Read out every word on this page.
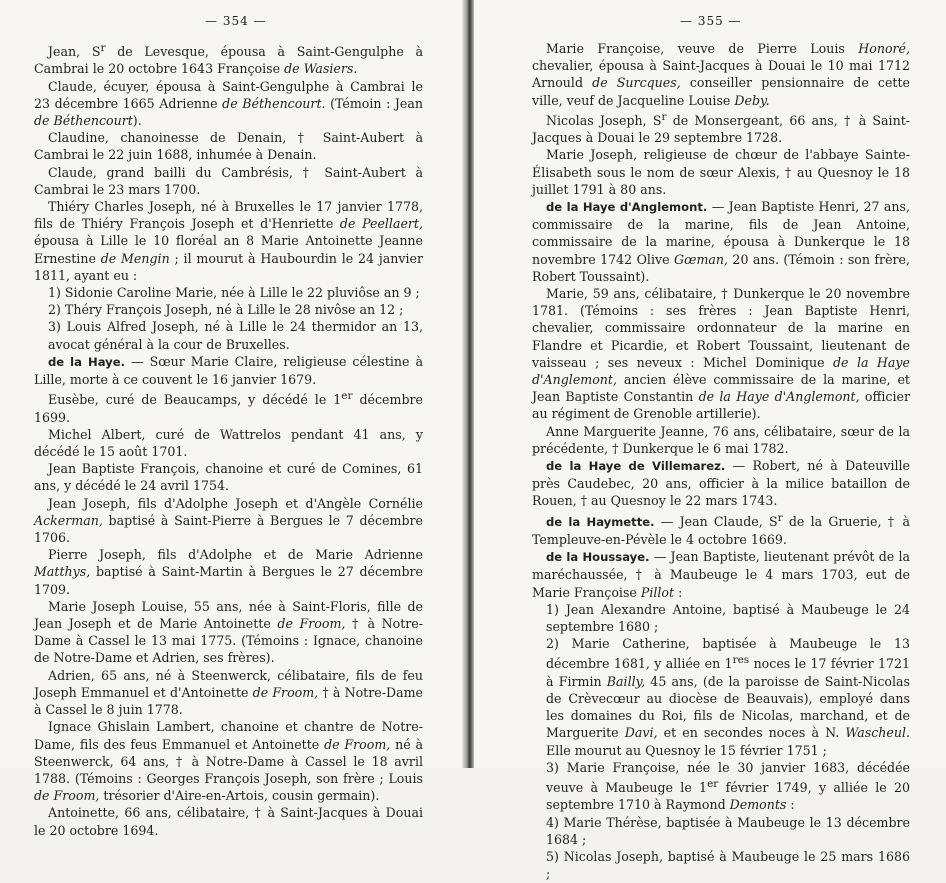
— 354 —

Jean, $S^r$ de Levesque, épousa à Saint-Gengulphe à Cambrai le 20 octobre 1643 Françoise de Wasiers.

Claude, écuyer, épousa à Saint-Gengulphe à Cambrai le 23 décembre 1665 Adrienne de Béthencourt. (Témoin : Jean de Béthencourt).

Claudine, chanoinesse de Denain, † Saint-Aubert à Cambrai le 22 juin 1688, inhumée à Denain.

Claude, grand bailli du Cambrésis, † Saint-Aubert à Cambrai le 23 mars 1700.

Thiéry Charles Joseph, né à Bruxelles le 17 janvier 1778, fils de Thiéry François Joseph et d'Henriette de Peellaert, épousa à Lille le 10 floréal an 8 Marie Antoinette Jeanne Ernestine de Mengin ; il mourut à Haubourdin le 24 janvier 1811, ayant eu :

1) Sidonie Caroline Marie, née à Lille le 22 pluviôse an 9 ;

2) Théry François Joseph, né à Lille le 28 nivôse an 12 ;

3) Louis Alfred Joseph, né à Lille le 24 thermidor an 13, avocat général à la cour de Bruxelles.

de la Haye. — Sœur Marie Claire, religieuse célestine à Lille, morte à ce couvent le 16 janvier 1679.

Eusèbe, curé de Beaucamps, y décédé le 1er décembre 1699.

Michel Albert, curé de Wattrelos pendant 41 ans, y décédé le 15 août 1701.

Jean Baptiste François, chanoine et curé de Comines, 61 ans, y décédé le 24 avril 1754.

Jean Joseph, fils d'Adolphe Joseph et d'Angèle Cornélie Ackerman, baptisé à Saint-Pierre à Bergues le 7 décembre 1706.

Pierre Joseph, fils d'Adolphe et de Marie Adrienne Matthys, baptisé à Saint-Martin à Bergues le 27 décembre 1709.

Marie Joseph Louise, 55 ans, née à Saint-Floris, fille de Jean Joseph et de Marie Antoinette de Froom, † à Notre-Dame à Cassel le 13 mai 1775. (Témoins : Ignace, chanoine de Notre-Dame et Adrien, ses frères).

Adrien, 65 ans, né à Steenwerck, célibataire, fils de feu Joseph Emmanuel et d'Antoinette de Froom, † à Notre-Dame à Cassel le 8 juin 1778.

Ignace Ghislain Lambert, chanoine et chantre de Notre-Dame, fils des feus Emmanuel et Antoinette de Froom, né à Steenwerck, 64 ans, † à Notre-Dame à Cassel le 18 avril 1788. (Témoins : Georges François Joseph, son frère ; Louis de Froom, trésorier d'Aire-en-Artois, cousin germain).

Antoinette, 66 ans, célibataire, † à Saint-Jacques à Douai le 20 octobre 1694.

— 355 —

Marie Françoise, veuve de Pierre Louis Honoré, chevalier, épousa à Saint-Jacques à Douai le 10 mai 1712 Arnould de Surcques, conseiller pensionnaire de cette ville, veuf de Jacqueline Louise Deby.

Nicolas Joseph, $S^r$ de Monsergeant, 66 ans, † à Saint-Jacques à Douai le 29 septembre 1728.

Marie Joseph, religieuse de chœur de l'abbaye Sainte-Élisabeth sous le nom de sœur Alexis, † au Quesnoy le 18 juillet 1791 à 80 ans.

de la Haye d'Anglemont. — Jean Baptiste Henri, 27 ans, commissaire de la marine, fils de Jean Antoine, commissaire de la marine, épousa à Dunkerque le 18 novembre 1742 Olive Gœman, 20 ans. (Témoin : son frère, Robert Toussaint).

Marie, 59 ans, célibataire, † Dunkerque le 20 novembre 1781. (Témoins : ses frères : Jean Baptiste Henri, chevalier, commissaire ordonnateur de la marine en Flandre et Picardie, et Robert Toussaint, lieutenant de vaisseau ; ses neveux : Michel Dominique de la Haye d'Anglemont, ancien élève commissaire de la marine, et Jean Baptiste Constantin de la Haye d'Anglemont, officier au régiment de Grenoble artillerie).

Anne Marguerite Jeanne, 76 ans, célibataire, sœur de la précédente, † Dunkerque le 6 mai 1782.

de la Haye de Villemarez. — Robert, né à Dateuville près Caudebec, 20 ans, officier à la milice bataillon de Rouen, † au Quesnoy le 22 mars 1743.

de la Haymette. — Jean Claude, $S^r$ de la Gruerie, † à Templeuve-en-Pévèle le 4 octobre 1669.

de la Houssaye. — Jean Baptiste, lieutenant prévôt de la maréchaussée, † à Maubeuge le 4 mars 1703, eut de Marie Françoise Pillot :

1) Jean Alexandre Antoine, baptisé à Maubeuge le 24 septembre 1680 ;

2) Marie Catherine, baptisée à Maubeuge le 13 décembre 1681, y alliée en 1res noces le 17 février 1721 à Firmin Bailly, 45 ans, (de la paroisse de Saint-Nicolas de Crèvecœur au diocèse de Beauvais), employé dans les domaines du Roi, fils de Nicolas, marchand, et de Marguerite Davi, et en secondes noces à N. Wascheul. Elle mourut au Quesnoy le 15 février 1751 ;

3) Marie Françoise, née le 30 janvier 1683, décédée veuve à Maubeuge le 1er février 1749, y alliée le 20 septembre 1710 à Raymond Demonts :

4) Marie Thérèse, baptisée à Maubeuge le 13 décembre 1684 ;

5) Nicolas Joseph, baptisé à Maubeuge le 25 mars 1686 ;
